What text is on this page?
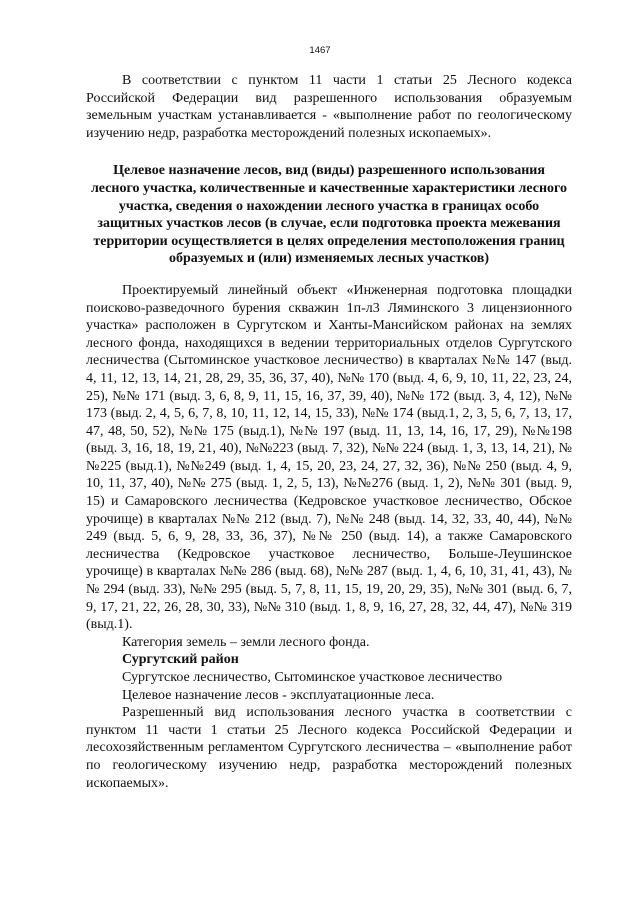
1467

В соответствии с пунктом 11 части 1 статьи 25 Лесного кодекса Российской Федерации вид разрешенного использования образуемым земельным участкам устанавливается - «выполнение работ по геологическому изучению недр, разработка месторождений полезных ископаемых».

Целевое назначение лесов, вид (виды) разрешенного использования лесного участка, количественные и качественные характеристики лесного участка, сведения о нахождении лесного участка в границах особо защитных участков лесов (в случае, если подготовка проекта межевания территории осуществляется в целях определения местоположения границ образуемых и (или) изменяемых лесных участков)

Проектируемый линейный объект «Инженерная подготовка площадки поисково-разведочного бурения скважин 1п-л3 Ляминского 3 лицензионного участка» расположен в Сургутском и Ханты-Мансийском районах на землях лесного фонда, находящихся в ведении территориальных отделов Сургутского лесничества (Сытоминское участковое лесничество) в кварталах №№ 147 (выд. 4, 11, 12, 13, 14, 21, 28, 29, 35, 36, 37, 40), №№ 170 (выд. 4, 6, 9, 10, 11, 22, 23, 24, 25), №№ 171 (выд. 3, 6, 8, 9, 11, 15, 16, 37, 39, 40), №№ 172 (выд. 3, 4, 12), №№ 173 (выд. 2, 4, 5, 6, 7, 8, 10, 11, 12, 14, 15, 33), №№ 174 (выд.1, 2, 3, 5, 6, 7, 13, 17, 47, 48, 50, 52), №№ 175 (выд.1), №№ 197 (выд. 11, 13, 14, 16, 17, 29), №№198 (выд. 3, 16, 18, 19, 21, 40), №№223 (выд. 7, 32), №№ 224 (выд. 1, 3, 13, 14, 21), №№225 (выд.1), №№249 (выд. 1, 4, 15, 20, 23, 24, 27, 32, 36), №№ 250 (выд. 4, 9, 10, 11, 37, 40), №№ 275 (выд. 1, 2, 5, 13), №№276 (выд. 1, 2), №№ 301 (выд. 9, 15) и Самаровского лесничества (Кедровское участковое лесничество, Обское урочище) в кварталах №№ 212 (выд. 7), №№ 248 (выд. 14, 32, 33, 40, 44), №№ 249 (выд. 5, 6, 9, 28, 33, 36, 37), №№ 250 (выд. 14), а также Самаровского лесничества (Кедровское участковое лесничество, Больше-Леушинское урочище) в кварталах №№ 286 (выд. 68), №№ 287 (выд. 1, 4, 6, 10, 31, 41, 43), №№ 294 (выд. 33), №№ 295 (выд. 5, 7, 8, 11, 15, 19, 20, 29, 35), №№ 301 (выд. 6, 7, 9, 17, 21, 22, 26, 28, 30, 33), №№ 310 (выд. 1, 8, 9, 16, 27, 28, 32, 44, 47), №№ 319 (выд.1).

Категория земель – земли лесного фонда.

Сургутский район

Сургутское лесничество, Сытоминское участковое лесничество

Целевое назначение лесов - эксплуатационные леса.

Разрешенный вид использования лесного участка в соответствии с пунктом 11 части 1 статьи 25 Лесного кодекса Российской Федерации и лесохозяйственным регламентом Сургутского лесничества – «выполнение работ по геологическому изучению недр, разработка месторождений полезных ископаемых».
